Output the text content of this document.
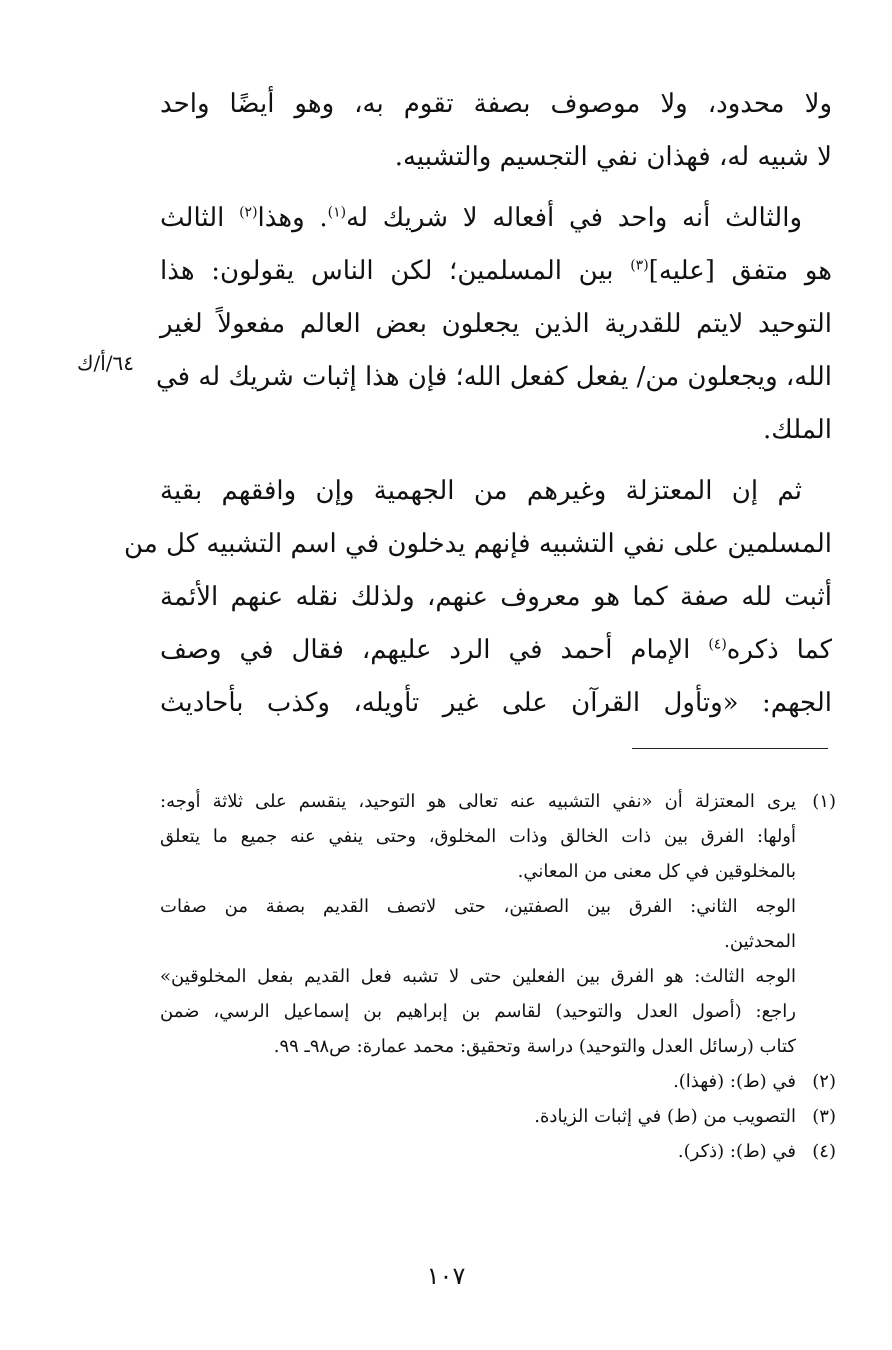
ولا محدود، ولا موصوف بصفة تقوم به، وهو أيضًا واحد
لا شبيه له، فهذان نفي التجسيم والتشبيه.
والثالث أنه واحد في أفعاله لا شريك له$^{(١)}$. وهذا$^{(٢)}$ الثالث
هو متفق [عليه]$^{(٣)}$ بين المسلمين؛ لكن الناس يقولون: هذا
التوحيد لايتم للقدرية الذين يجعلون بعض العالم مفعولاً لغير
الله، ويجعلون من/ يفعل كفعل الله؛ فإن هذا إثبات شريك له في
الملك.
ثم إن المعتزلة وغيرهم من الجهمية وإن وافقهم بقية
المسلمين على نفي التشبيه فإنهم يدخلون في اسم التشبيه كل من
أثبت لله صفة كما هو معروف عنهم، ولذلك نقله عنهم الأئمة
كما ذكره$^{(٤)}$ الإمام أحمد في الرد عليهم، فقال في وصف
الجهم: «وتأول القرآن على غير تأويله، وكذب بأحاديث
٦٤/أ/ك
(١)
يرى المعتزلة أن «نفي التشبيه عنه تعالى هو التوحيد، ينقسم على ثلاثة أوجه:
أولها: الفرق بين ذات الخالق وذات المخلوق، وحتى ينفي عنه جميع ما يتعلق
بالمخلوقين في كل معنى من المعاني.
الوجه الثاني: الفرق بين الصفتين، حتى لاتصف القديم بصفة من صفات
المحدثين.
الوجه الثالث: هو الفرق بين الفعلين حتى لا تشبه فعل القديم بفعل المخلوقين»
راجع: (أصول العدل والتوحيد) لقاسم بن إبراهيم بن إسماعيل الرسي، ضمن
كتاب (رسائل العدل والتوحيد) دراسة وتحقيق: محمد عمارة: ص٩٨ـ ٩٩.
(٢)
في (ط): (فهذا).
(٣)
التصويب من (ط) في إثبات الزيادة.
(٤)
في (ط): (ذكر).
١٠٧
